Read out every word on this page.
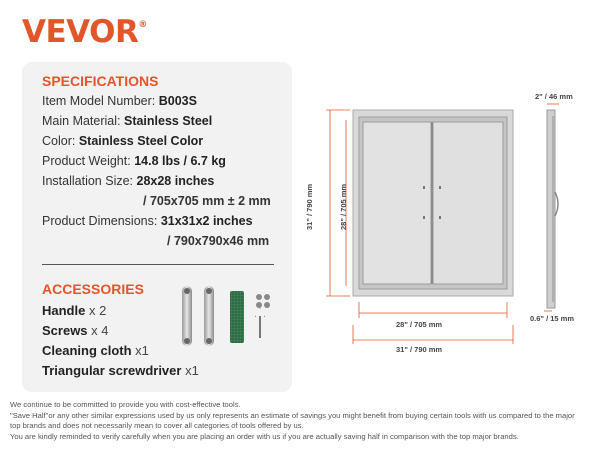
VEVOR®
SPECIFICATIONS
Item Model Number: B003S
Main Material: Stainless Steel
Color: Stainless Steel Color
Product Weight: 14.8 lbs / 6.7 kg
Installation Size: 28x28 inches
/ 705x705 mm ± 2 mm
Product Dimensions: 31x31x2 inches
/ 790x790x46 mm
ACCESSORIES
Handle x 2
Screws x 4
Cleaning cloth x1
Triangular screwdriver x1
2" / 46 mm
0.6" / 15 mm
28" / 705 mm
31" / 790 mm
31" / 790 mm	28" / 705 mm
We continue to be committed to provide you with cost-effective tools.
"Save Half"or any other similar expressions used by us only represents an estimate of savings you might benefit from buying certain tools with us compared to the major
top brands and does not necessarily mean to cover all categories of tools offered by us.
You are kindly reminded to verify carefully when you are placing an order with us if you are actually saving half in comparison with the top major brands.
